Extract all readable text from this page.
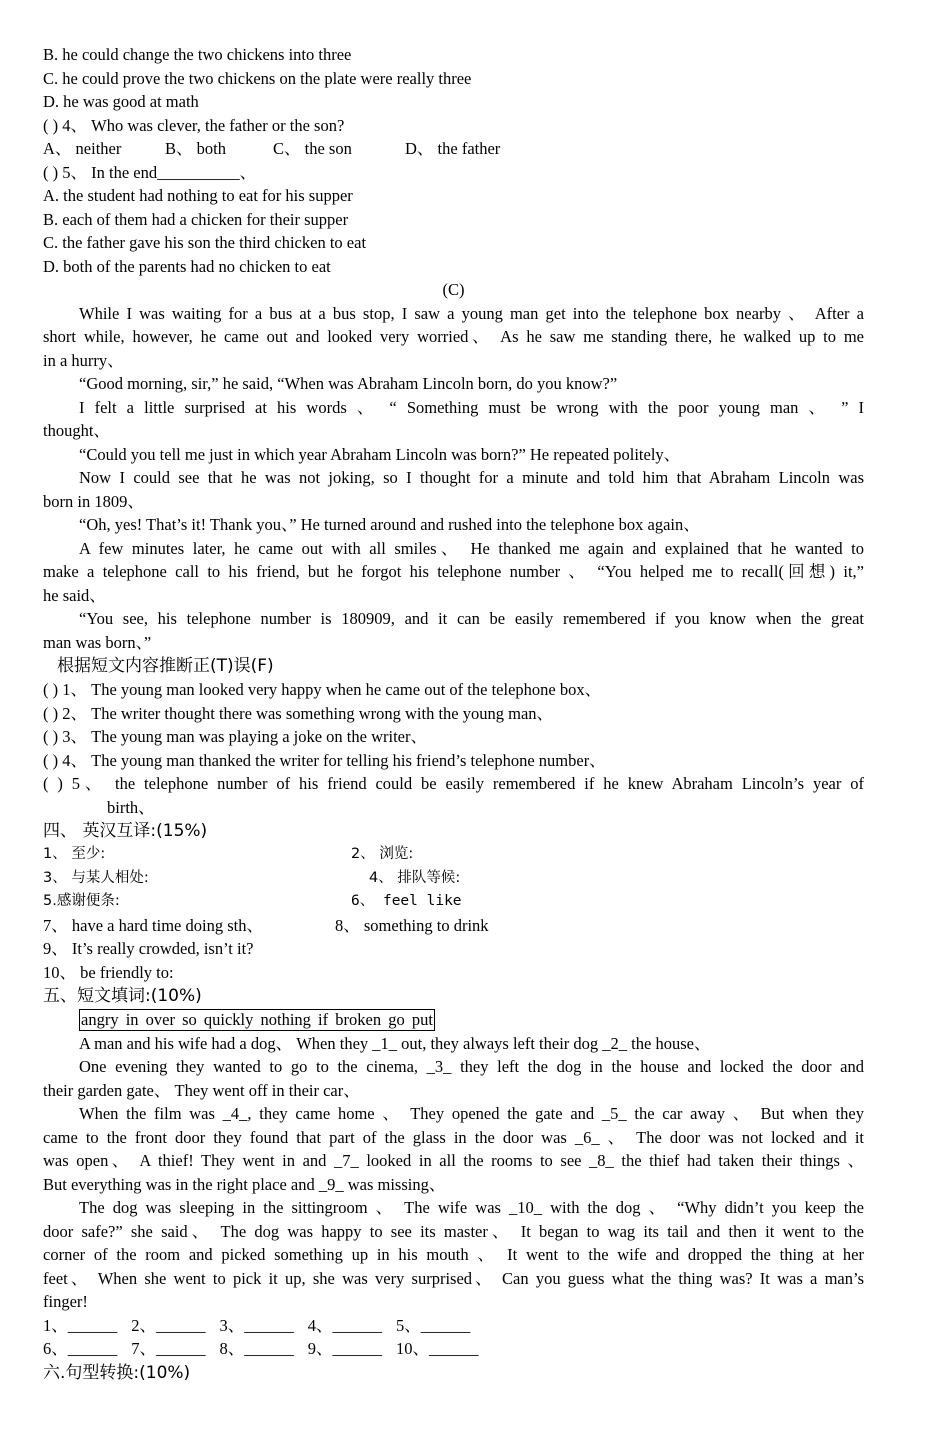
B. he could change the two chickens into three
C. he could prove the two chickens on the plate were really three
D. he was good at math
( ) 4、 Who was clever, the father or the son?
A、 neither	B、 both	C、 the son	D、 the father
( ) 5、 In the end__________、
A. the student had nothing to eat for his supper
B. each of them had a chicken for their supper
C. the father gave his son the third chicken to eat
D. both of the parents had no chicken to eat
(C)
While I was waiting for a bus at a bus stop, I saw a young man get into the telephone box nearby 、 After a
short while, however, he came out and looked very worried、 As he saw me standing there, he walked up to me
in a hurry、
“Good morning, sir,” he said, “When was Abraham Lincoln born, do you know?”
I felt a little surprised at his words 、 “ Something must be wrong with the poor young man 、 ” I
thought、
“Could you tell me just in which year Abraham Lincoln was born?” He repeated politely、
Now I could see that he was not joking, so I thought for a minute and told him that Abraham Lincoln was
born in 1809、
“Oh, yes! That’s it! Thank you、” He turned around and rushed into the telephone box again、
A few minutes later, he came out with all smiles、 He thanked me again and explained that he wanted to
make a telephone call to his friend, but he forgot his telephone number 、 “You helped me to recall(回想) it,”
he said、
“You see, his telephone number is 180909, and it can be easily remembered if you know when the great
man was born、”
根据短文内容推断正(T)误(F)
( ) 1、 The young man looked very happy when he came out of the telephone box、
( ) 2、 The writer thought there was something wrong with the young man、
( ) 3、 The young man was playing a joke on the writer、
( ) 4、 The young man thanked the writer for telling his friend’s telephone number、
( ) 5、 the telephone number of his friend could be easily remembered if he knew Abraham Lincoln’s year of
birth、
四、 英汉互译:(15%)
1、 至少:	2、 浏览:
3、 与某人相处:	4、 排队等候:
5.感谢便条:	6、 feel like
7、 have a hard time doing sth、	8、 something to drink
9、 It’s really crowded, isn’t it?
10、 be friendly to:
五、短文填词:(10%)
angry in over so quickly nothing if broken go put
A man and his wife had a dog、 When they _1_ out, they always left their dog _2_ the house、
One evening they wanted to go to the cinema, _3_ they left the dog in the house and locked the door and
their garden gate、 They went off in their car、
When the film was _4_, they came home 、 They opened the gate and _5_ the car away 、 But when they
came to the front door they found that part of the glass in the door was _6_ 、 The door was not locked and it
was open、 A thief! They went in and _7_ looked in all the rooms to see _8_ the thief had taken their things 、
But everything was in the right place and _9_ was missing、
The dog was sleeping in the sittingroom 、 The wife was _10_ with the dog 、 “Why didn’t you keep the
door safe?” she said、 The dog was happy to see its master、 It began to wag its tail and then it went to the
corner of the room and picked something up in his mouth 、 It went to the wife and dropped the thing at her
feet、 When she went to pick it up, she was very surprised、 Can you guess what the thing was? It was a man’s
finger!
1、______ 2、______ 3、______ 4、______ 5、______
6、______ 7、______ 8、______ 9、______ 10、______
六.句型转换:(10%)
